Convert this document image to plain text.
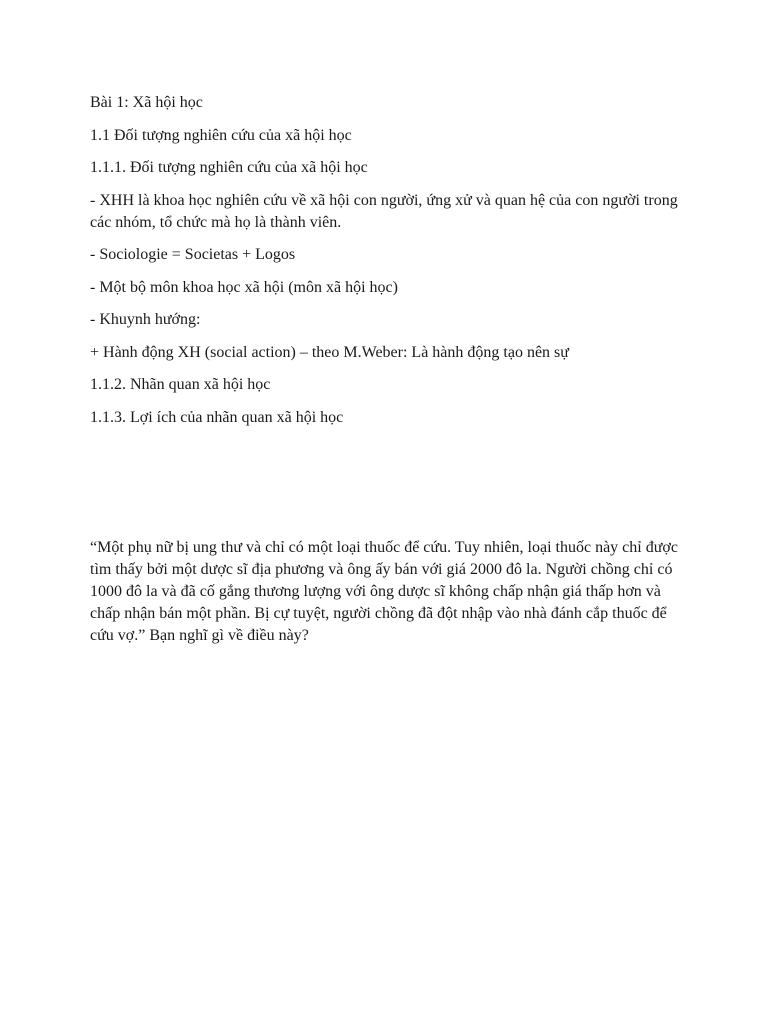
Bài 1: Xã hội học

1.1 Đối tượng nghiên cứu của xã hội học

1.1.1. Đối tượng nghiên cứu của xã hội học

- XHH là khoa học nghiên cứu về xã hội con người, ứng xử và quan hệ của con người trong các nhóm, tổ chức mà họ là thành viên.

- Sociologie = Societas + Logos

- Một bộ môn khoa học xã hội (môn xã hội học)

- Khuynh hướng:

+ Hành động XH (social action) – theo M.Weber: Là hành động tạo nên sự

1.1.2. Nhãn quan xã hội học

1.1.3. Lợi ích của nhãn quan xã hội học

“Một phụ nữ bị ung thư và chỉ có một loại thuốc để cứu. Tuy nhiên, loại thuốc này chỉ được tìm thấy bởi một dược sĩ địa phương và ông ấy bán với giá 2000 đô la. Người chồng chỉ có 1000 đô la và đã cố gắng thương lượng với ông dược sĩ không chấp nhận giá thấp hơn và chấp nhận bán một phần. Bị cự tuyệt, người chồng đã đột nhập vào nhà đánh cắp thuốc để cứu vợ.” Bạn nghĩ gì về điều này?
